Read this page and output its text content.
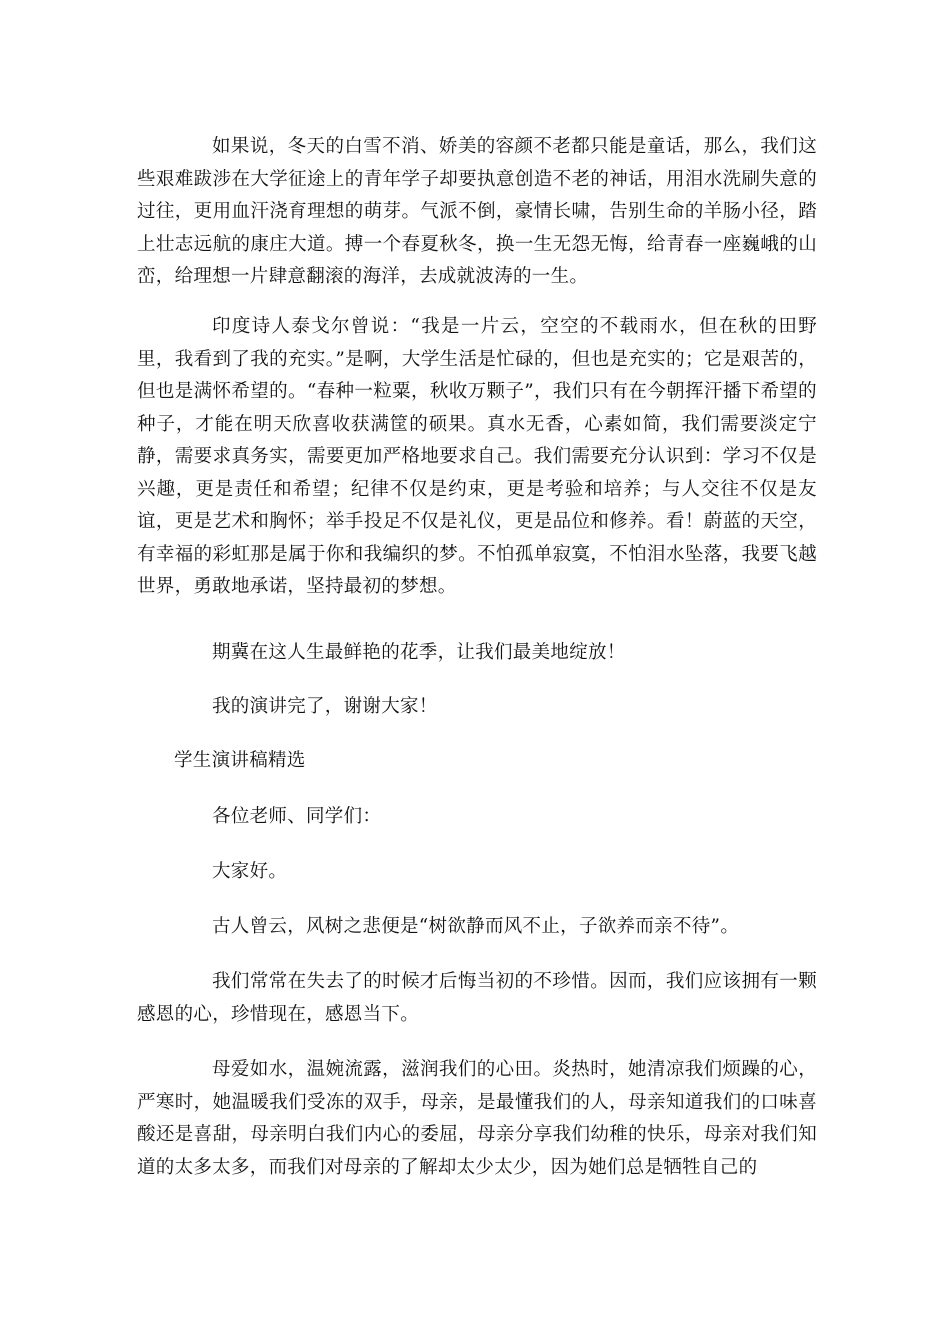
如果说，冬天的白雪不消、娇美的容颜不老都只能是童话，那么，我们这些艰难跋涉在大学征途上的青年学子却要执意创造不老的神话，用泪水洗刷失意的过往，更用血汗浇育理想的萌芽。气派不倒，豪情长啸，告别生命的羊肠小径，踏上壮志远航的康庄大道。搏一个春夏秋冬，换一生无怨无悔，给青春一座巍峨的山峦，给理想一片肆意翻滚的海洋，去成就波涛的一生。

印度诗人泰戈尔曾说：“我是一片云，空空的不载雨水，但在秋的田野里，我看到了我的充实。”是啊，大学生活是忙碌的，但也是充实的；它是艰苦的，但也是满怀希望的。“春种一粒粟，秋收万颗子”，我们只有在今朝挥汗播下希望的种子，才能在明天欣喜收获满筐的硕果。真水无香，心素如简，我们需要淡定宁静，需要求真务实，需要更加严格地要求自己。我们需要充分认识到：学习不仅是兴趣，更是责任和希望；纪律不仅是约束，更是考验和培养；与人交往不仅是友谊，更是艺术和胸怀；举手投足不仅是礼仪，更是品位和修养。看！蔚蓝的天空，有幸福的彩虹那是属于你和我编织的梦。不怕孤单寂寞，不怕泪水坠落，我要飞越世界，勇敢地承诺，坚持最初的梦想。

期冀在这人生最鲜艳的花季，让我们最美地绽放！

我的演讲完了，谢谢大家！

学生演讲稿精选

各位老师、同学们：

大家好。

古人曾云，风树之悲便是“树欲静而风不止，子欲养而亲不待”。

我们常常在失去了的时候才后悔当初的不珍惜。因而，我们应该拥有一颗感恩的心，珍惜现在，感恩当下。

母爱如水，温婉流露，滋润我们的心田。炎热时，她清凉我们烦躁的心，严寒时，她温暖我们受冻的双手，母亲，是最懂我们的人，母亲知道我们的口味喜酸还是喜甜，母亲明白我们内心的委屈，母亲分享我们幼稚的快乐，母亲对我们知道的太多太多，而我们对母亲的了解却太少太少，因为她们总是牺牲自己的
